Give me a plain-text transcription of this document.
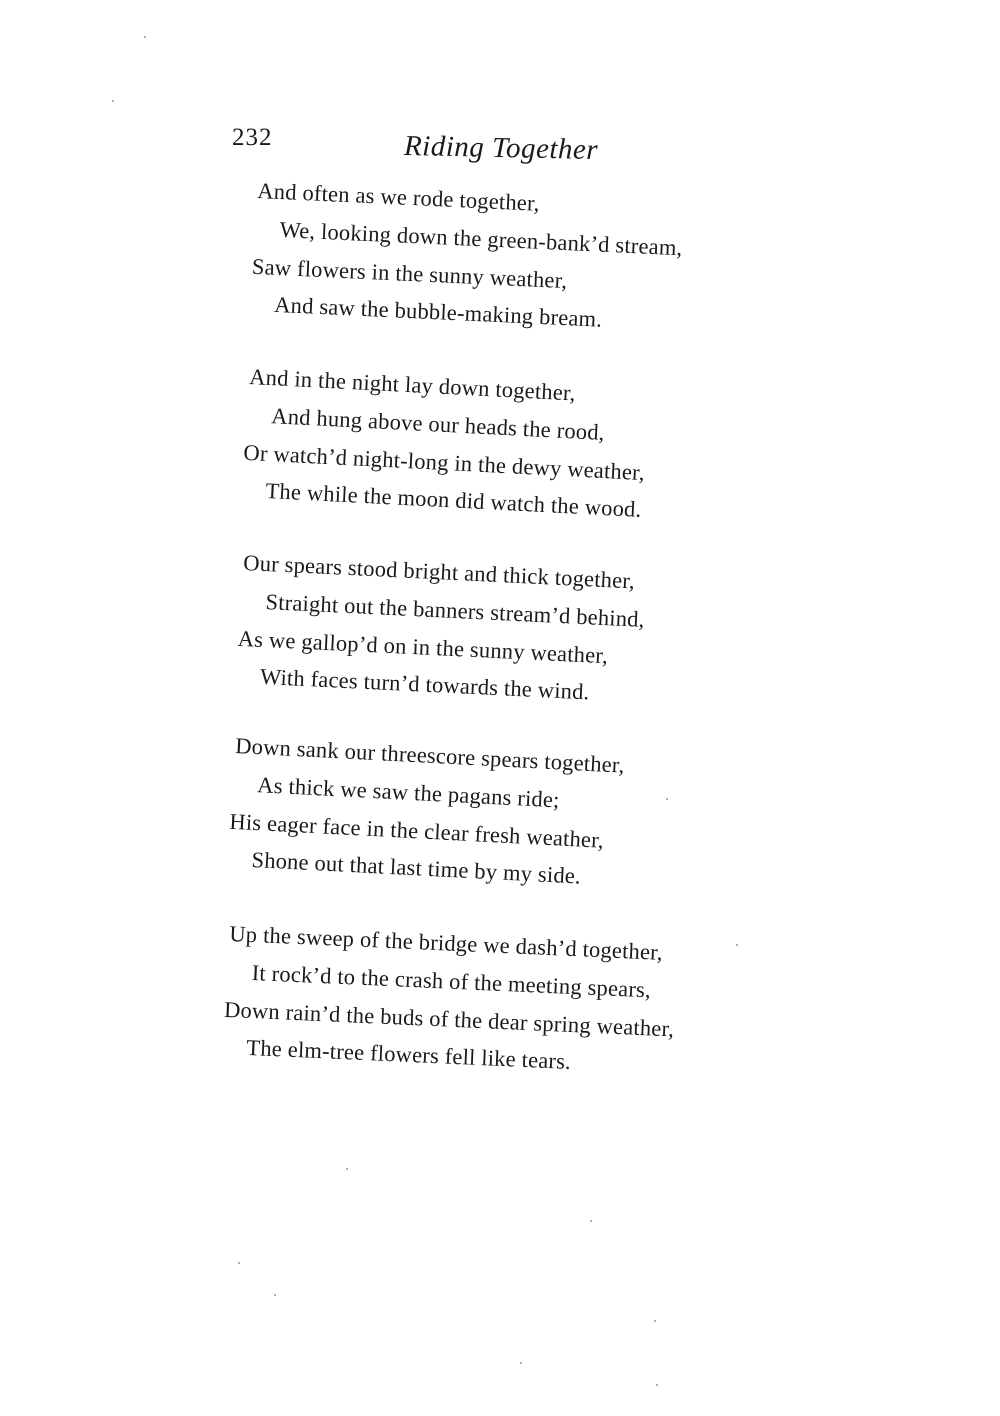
232	Riding Together
And often as we rode together,
We, looking down the green-bank’d stream,
Saw flowers in the sunny weather,
And saw the bubble-making bream.
And in the night lay down together,
And hung above our heads the rood,
Or watch’d night-long in the dewy weather,
The while the moon did watch the wood.
Our spears stood bright and thick together,
Straight out the banners stream’d behind,
As we gallop’d on in the sunny weather,
With faces turn’d towards the wind.
Down sank our threescore spears together,
As thick we saw the pagans ride;
His eager face in the clear fresh weather,
Shone out that last time by my side.
Up the sweep of the bridge we dash’d together,
It rock’d to the crash of the meeting spears,
Down rain’d the buds of the dear spring weather,
The elm-tree flowers fell like tears.
